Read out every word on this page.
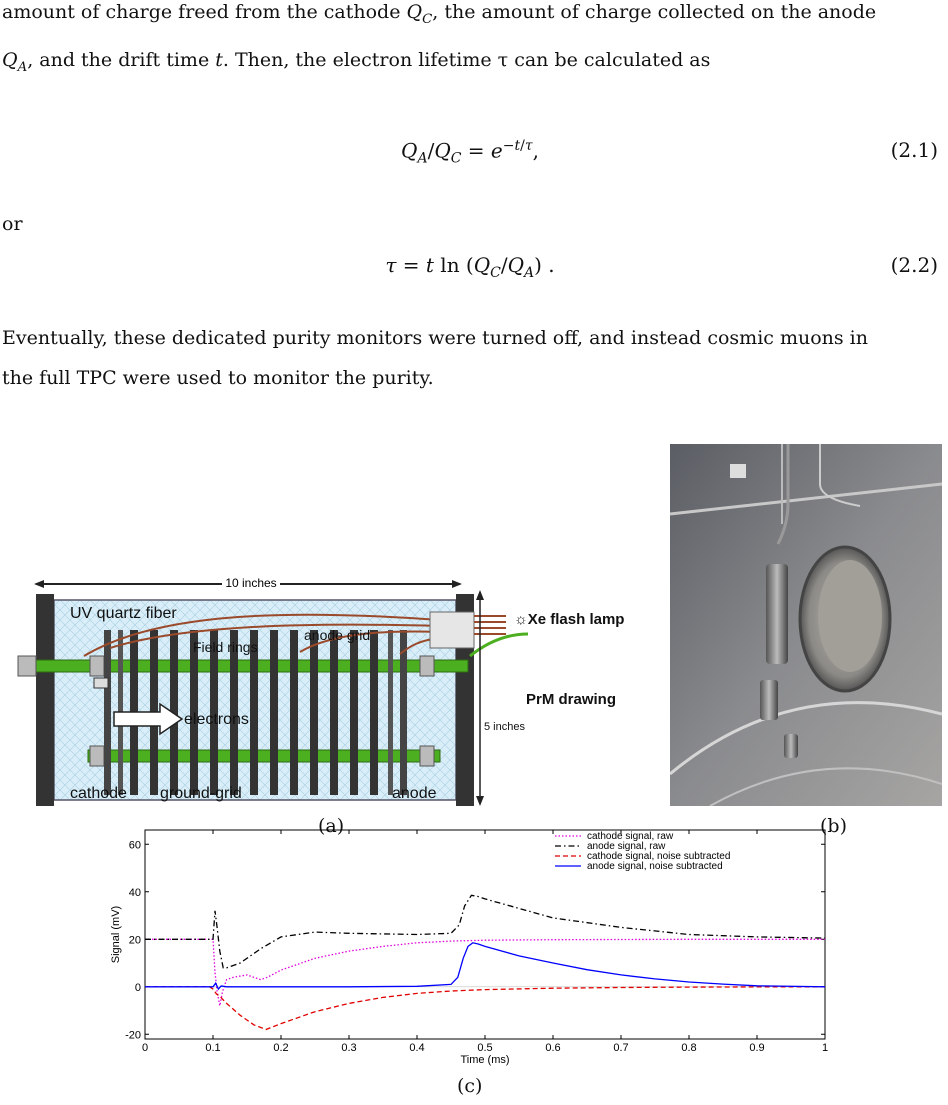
amount of charge freed from the cathode $Q_C$, the amount of charge collected on the anode
$Q_A$, and the drift time t. Then, the electron lifetime τ can be calculated as
$Q_A/Q_C = e^{-t/\tau}$,	(2.1)
or
τ = t $\ln (Q_C/Q_A)$ .	(2.2)
Eventually, these dedicated purity monitors were turned off, and instead cosmic muons in
the full TPC were used to monitor the purity.
10 inches
UV quartz fiber
Field rings
anode grid
☼Xe flash lamp
PrM drawing
5 inches
electrons
cathode ground-grid	anode
(a)	(b)
0	0.1	0.2	0.3	0.4	0.5	0.6	0.7	0.8	0.9	1
-20
0
20
40
60
Time (ms)
Signal (mV)
cathode signal, raw
anode signal, raw
cathode signal, noise subtracted
anode signal, noise subtracted
(c)
